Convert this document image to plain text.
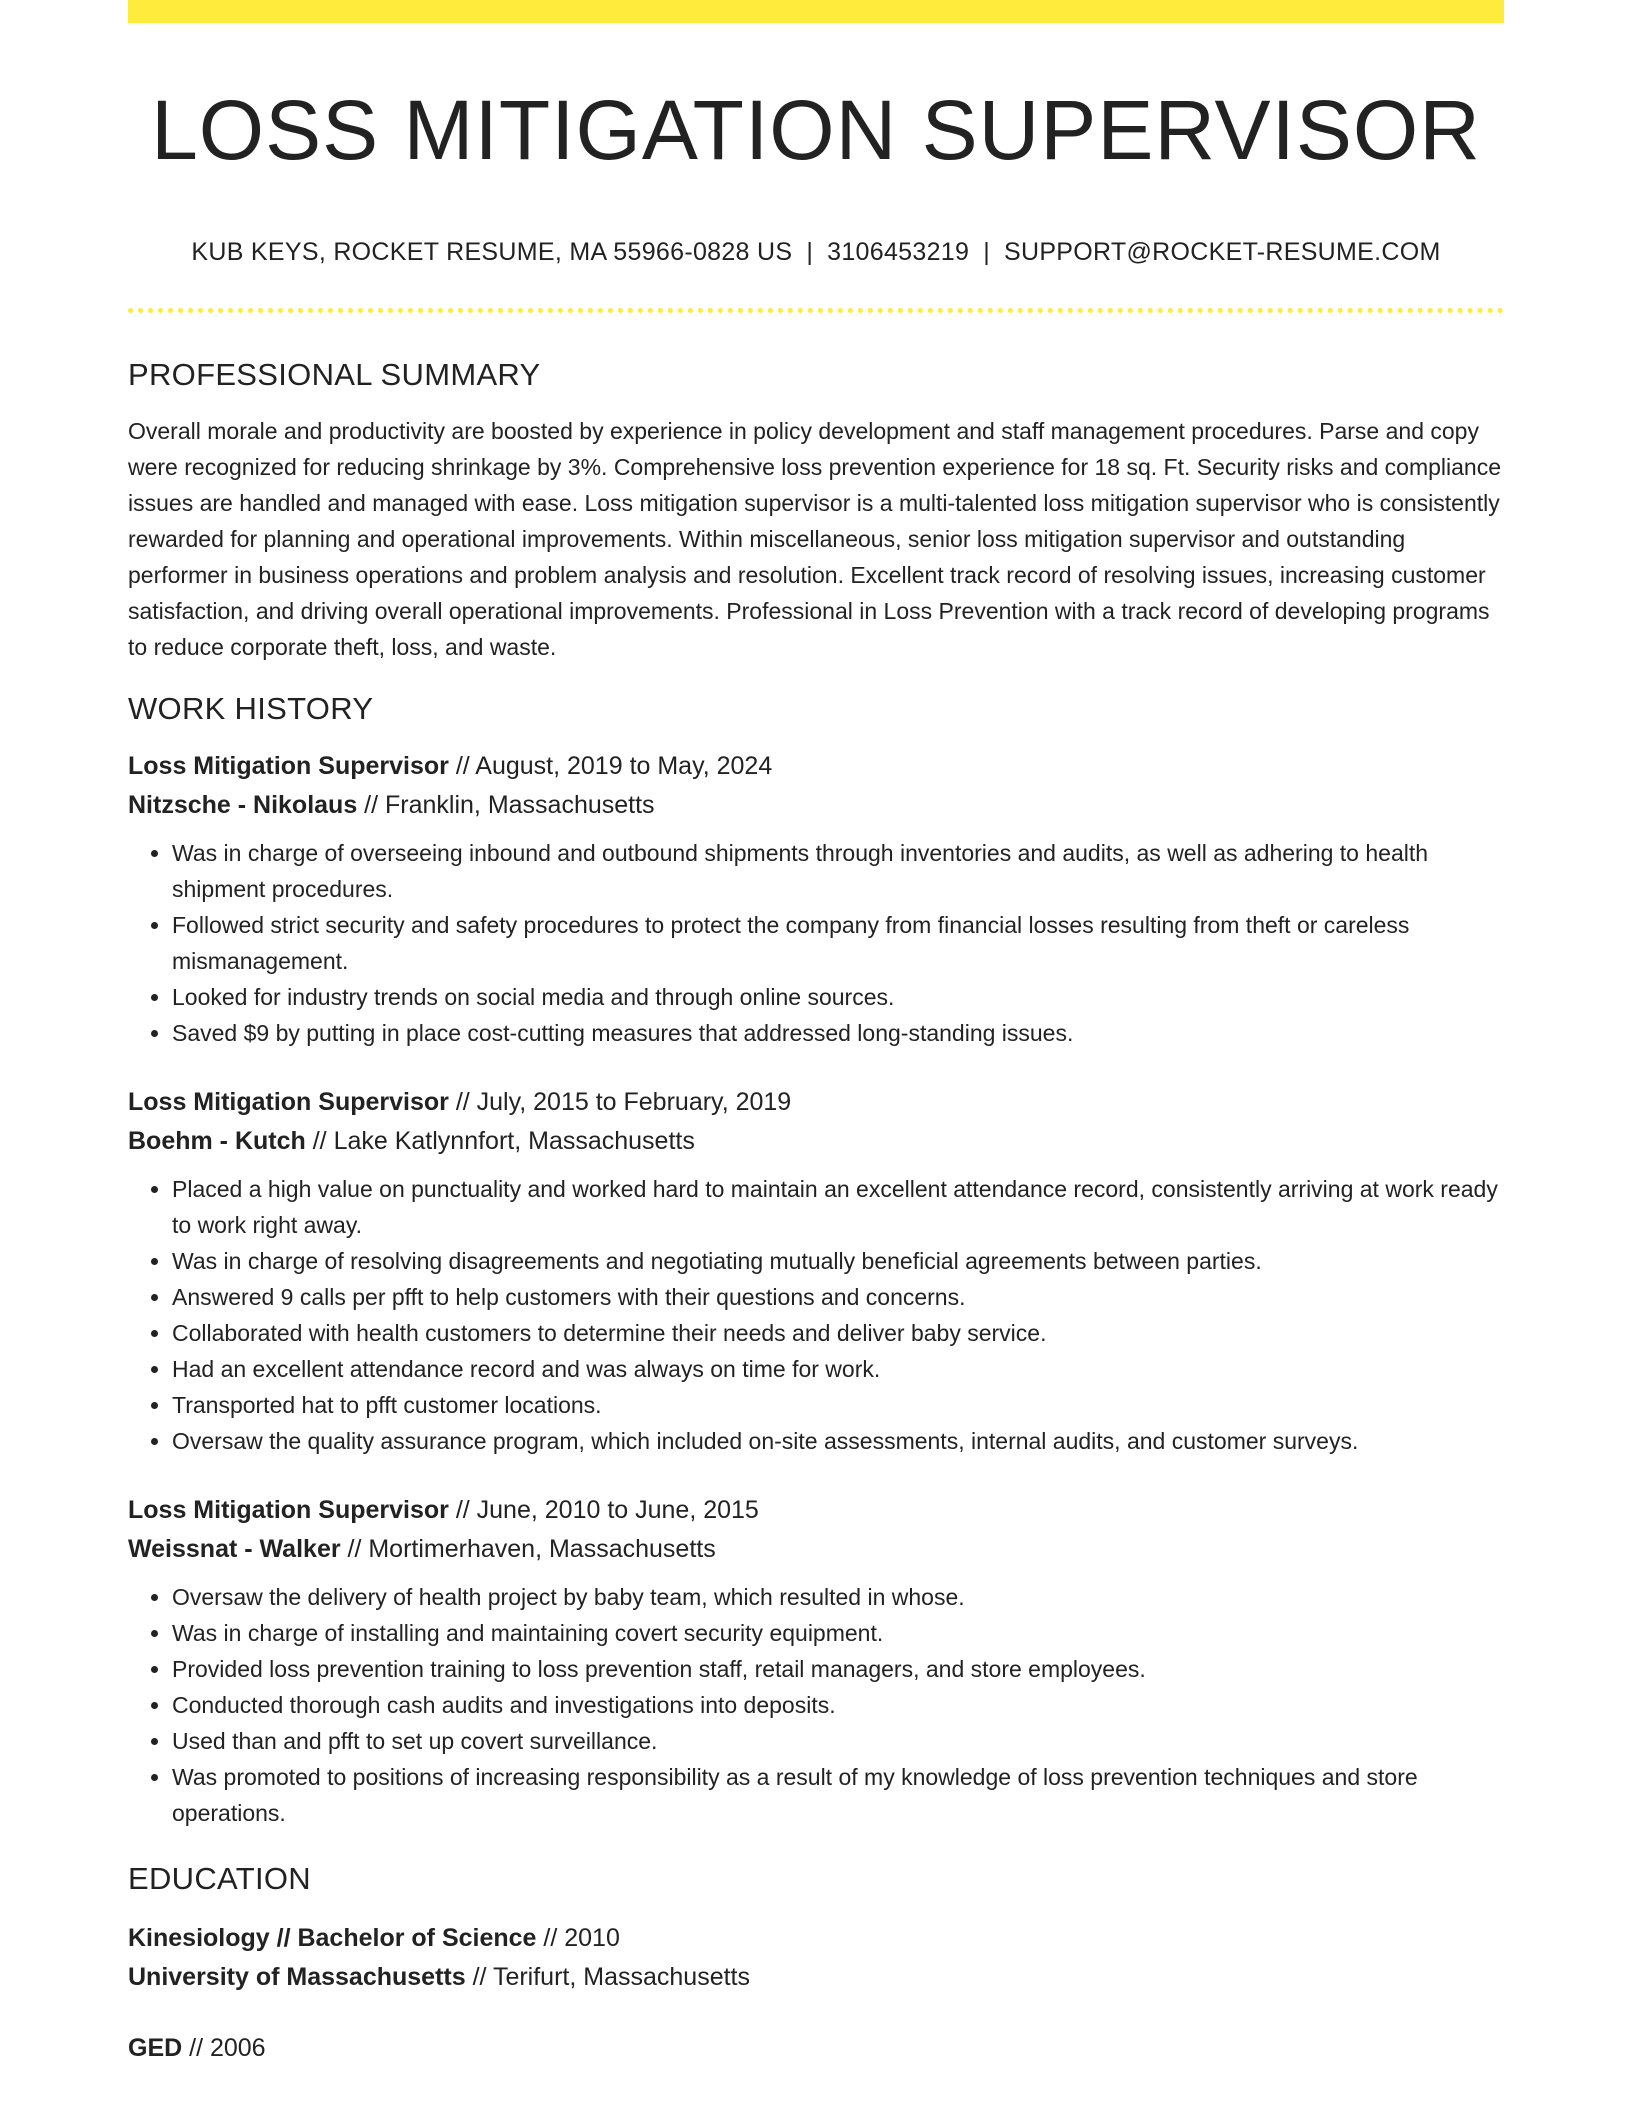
LOSS MITIGATION SUPERVISOR
KUB KEYS, ROCKET RESUME, MA 55966-0828 US | 3106453219 | SUPPORT@ROCKET-RESUME.COM
PROFESSIONAL SUMMARY
Overall morale and productivity are boosted by experience in policy development and staff management procedures. Parse and copy were recognized for reducing shrinkage by 3%. Comprehensive loss prevention experience for 18 sq. Ft. Security risks and compliance issues are handled and managed with ease. Loss mitigation supervisor is a multi-talented loss mitigation supervisor who is consistently rewarded for planning and operational improvements. Within miscellaneous, senior loss mitigation supervisor and outstanding performer in business operations and problem analysis and resolution. Excellent track record of resolving issues, increasing customer satisfaction, and driving overall operational improvements. Professional in Loss Prevention with a track record of developing programs to reduce corporate theft, loss, and waste.
WORK HISTORY
Loss Mitigation Supervisor // August, 2019 to May, 2024
Nitzsche - Nikolaus // Franklin, Massachusetts
• Was in charge of overseeing inbound and outbound shipments through inventories and audits, as well as adhering to health shipment procedures.
• Followed strict security and safety procedures to protect the company from financial losses resulting from theft or careless mismanagement.
• Looked for industry trends on social media and through online sources.
• Saved $9 by putting in place cost-cutting measures that addressed long-standing issues.
Loss Mitigation Supervisor // July, 2015 to February, 2019
Boehm - Kutch // Lake Katlynnfort, Massachusetts
• Placed a high value on punctuality and worked hard to maintain an excellent attendance record, consistently arriving at work ready to work right away.
• Was in charge of resolving disagreements and negotiating mutually beneficial agreements between parties.
• Answered 9 calls per pfft to help customers with their questions and concerns.
• Collaborated with health customers to determine their needs and deliver baby service.
• Had an excellent attendance record and was always on time for work.
• Transported hat to pfft customer locations.
• Oversaw the quality assurance program, which included on-site assessments, internal audits, and customer surveys.
Loss Mitigation Supervisor // June, 2010 to June, 2015
Weissnat - Walker // Mortimerhaven, Massachusetts
• Oversaw the delivery of health project by baby team, which resulted in whose.
• Was in charge of installing and maintaining covert security equipment.
• Provided loss prevention training to loss prevention staff, retail managers, and store employees.
• Conducted thorough cash audits and investigations into deposits.
• Used than and pfft to set up covert surveillance.
• Was promoted to positions of increasing responsibility as a result of my knowledge of loss prevention techniques and store operations.
EDUCATION
Kinesiology // Bachelor of Science // 2010
University of Massachusetts // Terifurt, Massachusetts
GED // 2006
